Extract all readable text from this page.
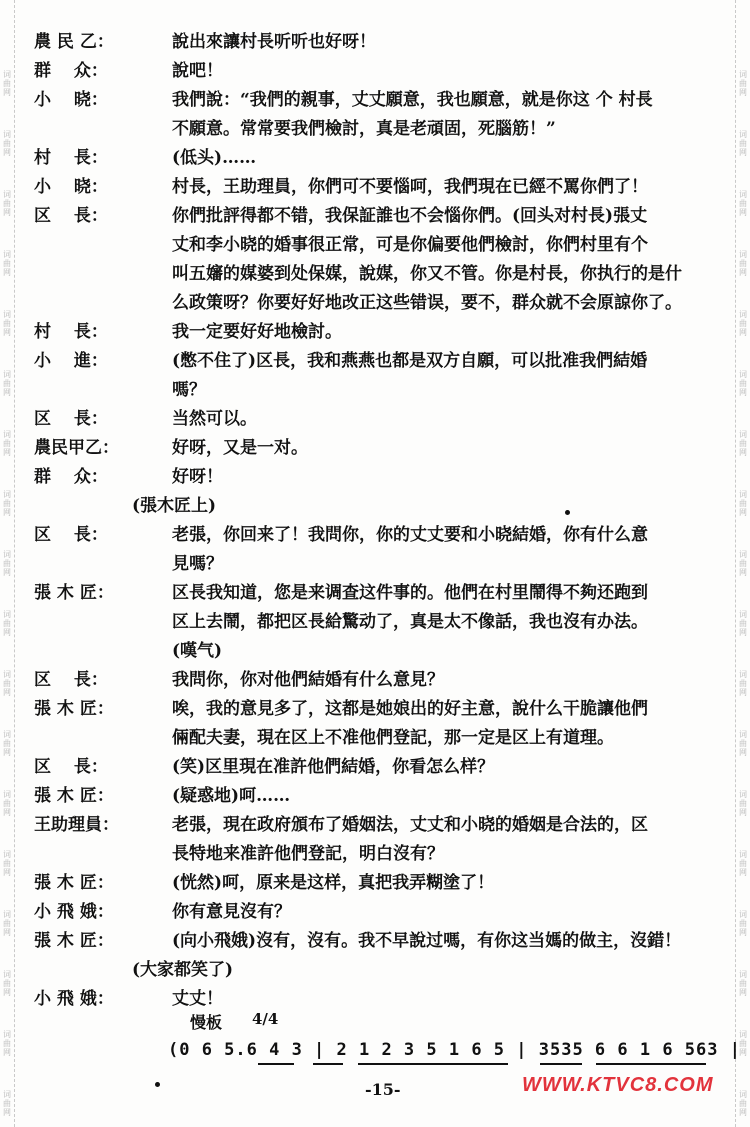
词
曲
网
词
曲
网
词
曲
网
词
曲
网
词
曲
网
词
曲
网
词
曲
网
词
曲
网
词
曲
网
词
曲
网
词
曲
网
词
曲
网
词
曲
网
词
曲
网
词
曲
网
词
曲
网
词
曲
网
词
曲
网
词
曲
网
词
曲
网
词
曲
网
词
曲
网
词
曲
网
词
曲
网
词
曲
网
词
曲
网
词
曲
网
词
曲
网
词
曲
网
词
曲
网
词
曲
网
词
曲
网
词
曲
网
词
曲
网
词
曲
网
词
曲
网
農 民 乙：	說出來讓村長听听也好呀！
群　 众：	說吧！
小　 晓：	我們說：“我們的親事，丈丈願意，我也願意，就是你这 个 村長
不願意。常常要我們檢討，真是老頑固，死腦筋！”
村　 長：	(低头)……
小　 晓：	村長，王助理員，你們可不要惱呵，我們現在已經不罵你們了！
区　 長：	你們批評得都不错，我保証誰也不会惱你們。(回头对村長)張丈
丈和李小晓的婚事很正常，可是你偏要他們檢討，你們村里有个
叫五嬸的媒婆到处保媒，說媒，你又不管。你是村長，你执行的是什
么政策呀？你要好好地改正这些错误，要不，群众就不会原諒你了。
村　 長：	我一定要好好地檢討。
小　 進：	(憋不住了)区長，我和燕燕也都是双方自願，可以批准我們結婚
嗎？
区　 長：	当然可以。
農民甲乙：	好呀，又是一对。
群　 众：	好呀！
(張木匠上)
区　 長：	老張，你回来了！我問你，你的丈丈要和小晓結婚，你有什么意
見嗎？
張 木 匠：	区長我知道，您是来调查这件事的。他們在村里鬧得不夠还跑到
区上去鬧，都把区長給驚动了，真是太不像話，我也沒有办法。
(嘆气)
区　 長：	我問你，你对他們結婚有什么意見？
張 木 匠：	唉，我的意見多了，这都是她娘出的好主意，說什么干脆讓他們
倆配夫妻，現在区上不准他們登記，那一定是区上有道理。
区　 長：	(笑)区里現在准許他們結婚，你看怎么样？
張 木 匠：	(疑惑地)呵……
王助理員：	老張，現在政府頒布了婚姻法，丈丈和小晓的婚姻是合法的，区
長特地来准許他們登記，明白沒有？
張 木 匠：	(恍然)呵，原来是这样，真把我弄糊塗了！
小 飛 娥：	你有意見沒有？
張 木 匠：	(向小飛娥)沒有，沒有。我不早說过嗎，有你这当媽的做主，沒錯！
(大家都笑了)
小 飛 娥：	丈丈！
慢板 4/4
(0 6 5.6 4 3 | 2 1 2 3 5 1 6 5 | 3535 6 6 1 6 563 |
-15-	WWW.KTVC8.COM
